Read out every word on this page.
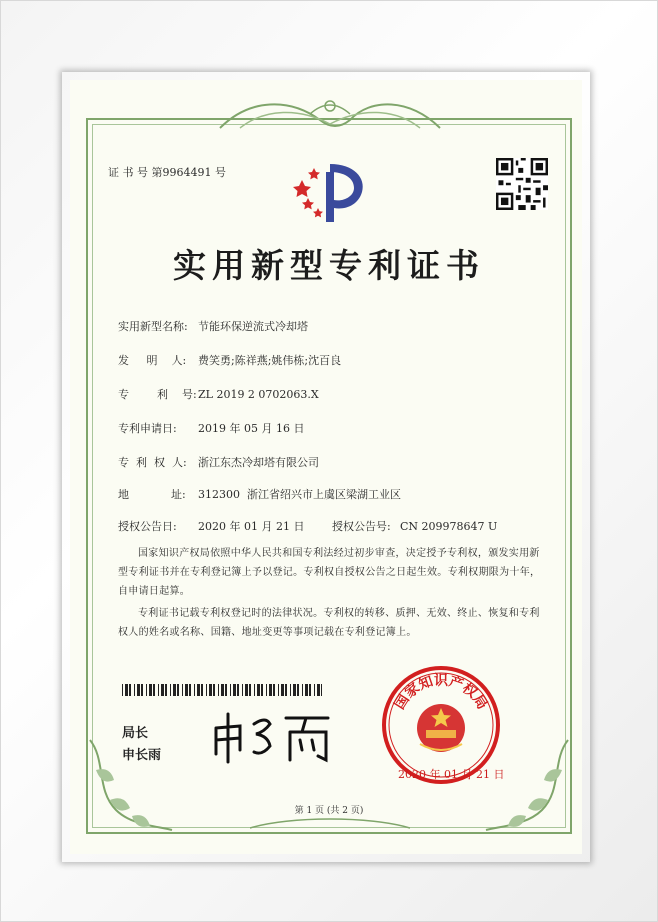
证 书 号 第9964491 号
实用新型专利证书
实用新型名称: 节能环保逆流式冷却塔
发     明    人: 费笑勇;陈祥燕;姚伟栋;沈百良
专        利    号:ZL 2019 2 0702063.X
专利申请日: 2019 年 05 月 16 日
专  利  权  人: 浙江东杰冷却塔有限公司
地            址: 312300  浙江省绍兴市上虞区梁湖工业区
授权公告日: 2020 年 01 月 21 日	授权公告号: CN 209978647 U
国家知识产权局依照中华人民共和国专利法经过初步审查，决定授予专利权，颁发实用新型专利证书并在专利登记簿上予以登记。专利权自授权公告之日起生效。专利权期限为十年，自申请日起算。
专利证书记载专利权登记时的法律状况。专利权的转移、质押、无效、终止、恢复和专利权人的姓名或名称、国籍、地址变更等事项记载在专利登记簿上。
局长
申长雨
国家知识产权局
2020 年 01 月 21 日
第 1 页 (共 2 页)
